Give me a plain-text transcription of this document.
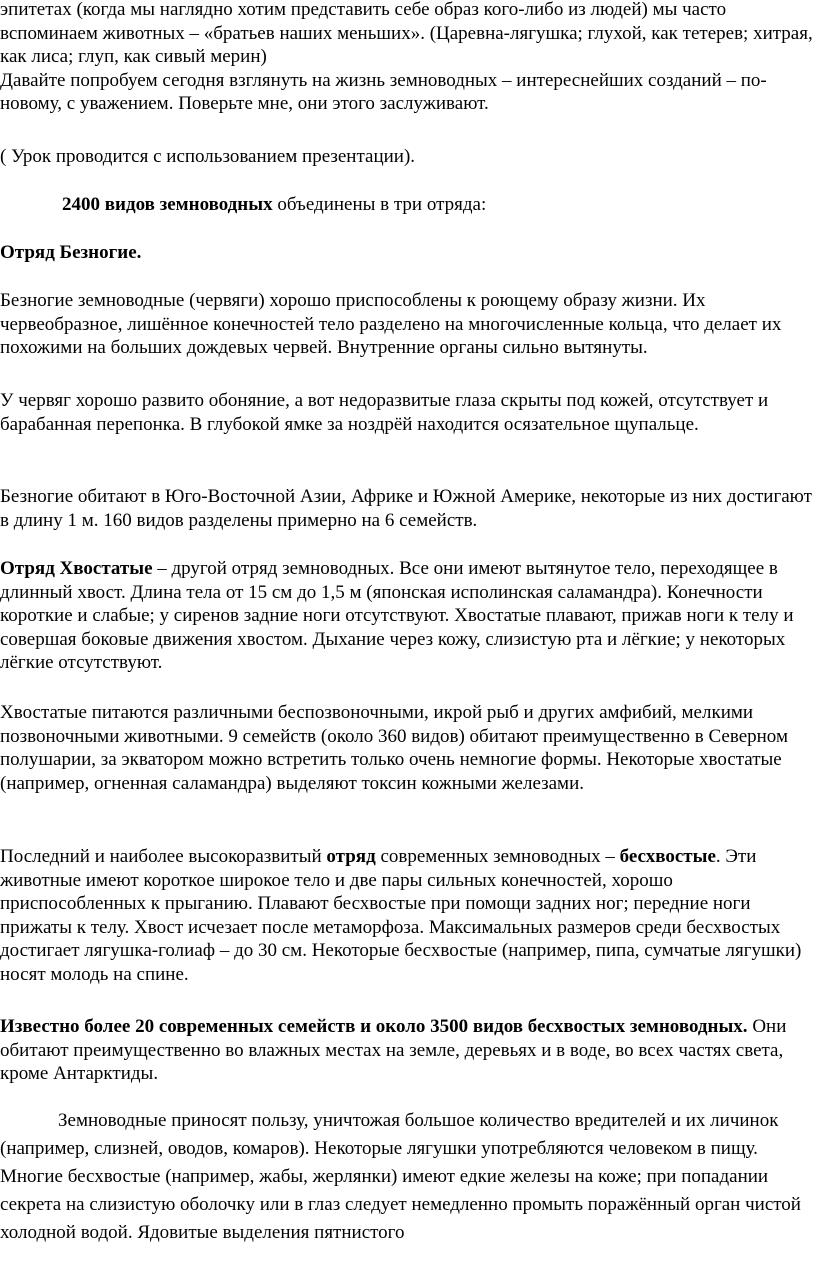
эпитетах (когда мы наглядно хотим представить себе образ кого-либо из людей) мы часто вспоминаем животных – «братьев наших меньших». (Царевна-лягушка; глухой, как тетерев; хитрая, как лиса; глуп, как сивый мерин)
Давайте попробуем сегодня взглянуть на жизнь земноводных – интереснейших созданий – по-новому, с уважением. Поверьте мне, они этого заслуживают.

( Урок проводится с использованием презентации).

2400 видов земноводных объединены в три отряда:

Отряд Безногие.

Безногие земноводные (червяги) хорошо приспособлены к роющему образу жизни. Их червеобразное, лишённое конечностей тело разделено на многочисленные кольца, что делает их похожими на больших дождевых червей. Внутренние органы сильно вытянуты.

У червяг хорошо развито обоняние, а вот недоразвитые глаза скрыты под кожей, отсутствует и барабанная перепонка. В глубокой ямке за ноздрёй находится осязательное щупальце.

Безногие обитают в Юго-Восточной Азии, Африке и Южной Америке, некоторые из них достигают в длину 1 м. 160 видов разделены примерно на 6 семейств.

Отряд Хвостатые – другой отряд земноводных. Все они имеют вытянутое тело, переходящее в длинный хвост. Длина тела от 15 см до 1,5 м (японская исполинская саламандра). Конечности короткие и слабые; у сиренов задние ноги отсутствуют. Хвостатые плавают, прижав ноги к телу и совершая боковые движения хвостом. Дыхание через кожу, слизистую рта и лёгкие; у некоторых лёгкие отсутствуют.

Хвостатые питаются различными беспозвоночными, икрой рыб и других амфибий, мелкими позвоночными животными. 9 семейств (около 360 видов) обитают преимущественно в Северном полушарии, за экватором можно встретить только очень немногие формы. Некоторые хвостатые (например, огненная саламандра) выделяют токсин кожными железами.

Последний и наиболее высокоразвитый отряд современных земноводных – бесхвостые. Эти животные имеют короткое широкое тело и две пары сильных конечностей, хорошо приспособленных к прыганию. Плавают бесхвостые при помощи задних ног; передние ноги прижаты к телу. Хвост исчезает после метаморфоза. Максимальных размеров среди бесхвостых достигает лягушка-голиаф – до 30 см. Некоторые бесхвостые (например, пипа, сумчатые лягушки) носят молодь на спине.

Известно более 20 современных семейств и около 3500 видов бесхвостых земноводных. Они обитают преимущественно во влажных местах на земле, деревьях и в воде, во всех частях света, кроме Антарктиды.

Земноводные приносят пользу, уничтожая большое количество вредителей и их личинок (например, слизней, оводов, комаров). Некоторые лягушки употребляются человеком в пищу. Многие бесхвостые (например, жабы, жерлянки) имеют едкие железы на коже; при попадании секрета на слизистую оболочку или в глаз следует немедленно промыть поражённый орган чистой холодной водой. Ядовитые выделения пятнистого
